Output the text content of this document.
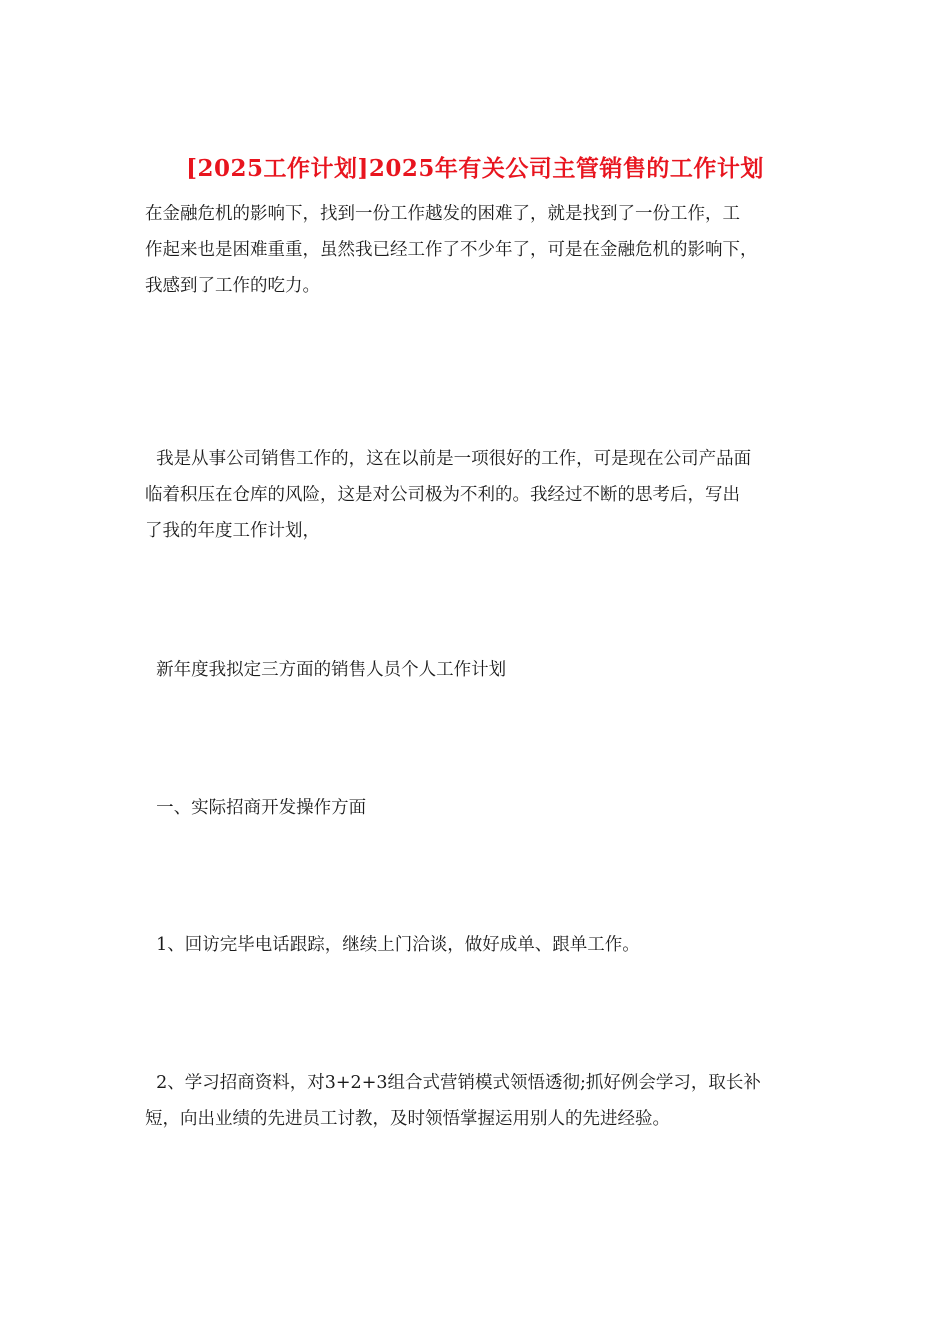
[2025工作计划]2025年有关公司主管销售的工作计划
在金融危机的影响下，找到一份工作越发的困难了，就是找到了一份工作，工
作起来也是困难重重，虽然我已经工作了不少年了，可是在金融危机的影响下，
我感到了工作的吃力。
我是从事公司销售工作的，这在以前是一项很好的工作，可是现在公司产品面
临着积压在仓库的风险，这是对公司极为不利的。我经过不断的思考后，写出
了我的年度工作计划，
新年度我拟定三方面的销售人员个人工作计划
一、实际招商开发操作方面
1、回访完毕电话跟踪，继续上门洽谈，做好成单、跟单工作。
2、学习招商资料，对3+2+3组合式营销模式领悟透彻;抓好例会学习，取长补
短，向出业绩的先进员工讨教，及时领悟掌握运用别人的先进经验。
